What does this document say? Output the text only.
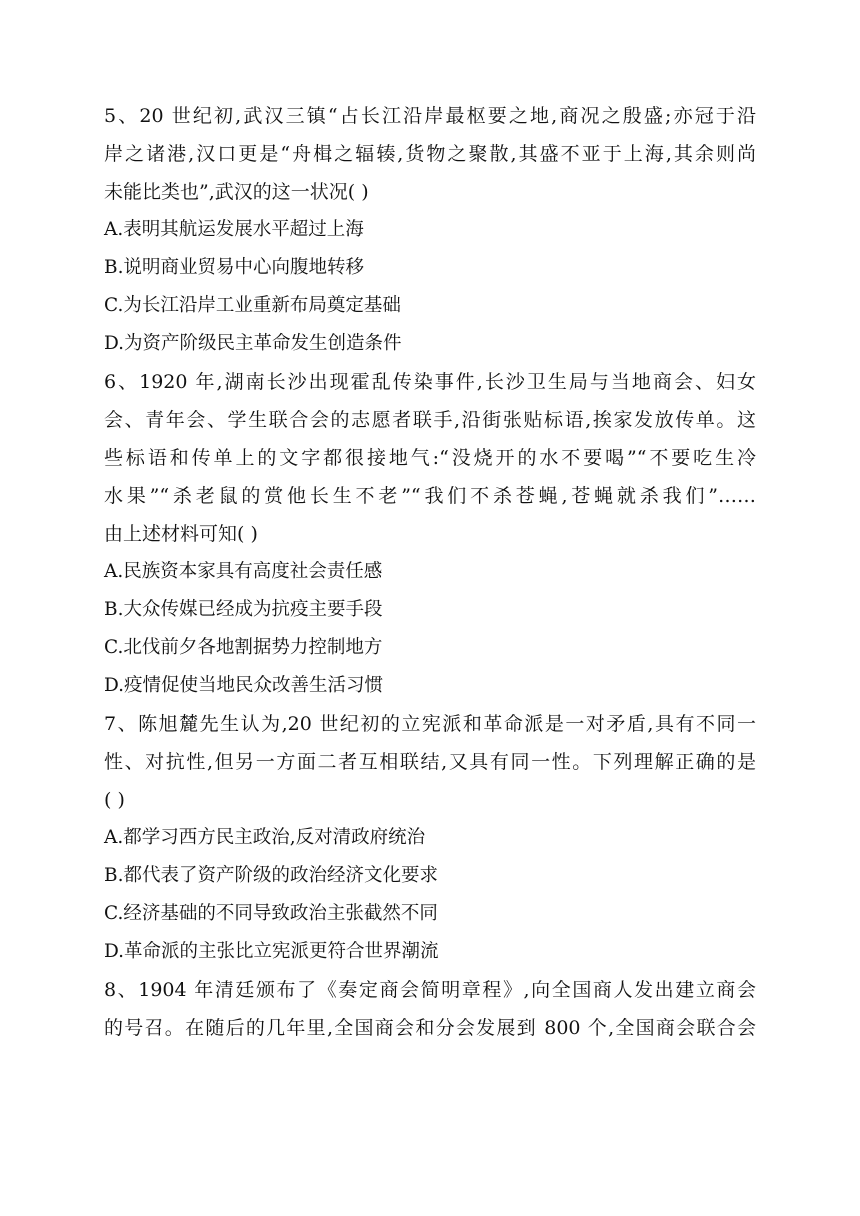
5、20 世纪初,武汉三镇“占长江沿岸最枢要之地,商况之殷盛;亦冠于沿
岸之诸港,汉口更是“舟楫之辐辏,货物之聚散,其盛不亚于上海,其余则尚
未能比类也”,武汉的这一状况( )
A.表明其航运发展水平超过上海
B.说明商业贸易中心向腹地转移
C.为长江沿岸工业重新布局奠定基础
D.为资产阶级民主革命发生创造条件
6、1920 年,湖南长沙出现霍乱传染事件,长沙卫生局与当地商会、妇女
会、青年会、学生联合会的志愿者联手,沿街张贴标语,挨家发放传单。这
些标语和传单上的文字都很接地气:“没烧开的水不要喝”“不要吃生冷
水果”“杀老鼠的赏他长生不老”“我们不杀苍蝇,苍蝇就杀我们”……
由上述材料可知( )
A.民族资本家具有高度社会责任感
B.大众传媒已经成为抗疫主要手段
C.北伐前夕各地割据势力控制地方
D.疫情促使当地民众改善生活习惯
7、陈旭麓先生认为,20 世纪初的立宪派和革命派是一对矛盾,具有不同一
性、对抗性,但另一方面二者互相联结,又具有同一性。下列理解正确的是
( )
A.都学习西方民主政治,反对清政府统治
B.都代表了资产阶级的政治经济文化要求
C.经济基础的不同导致政治主张截然不同
D.革命派的主张比立宪派更符合世界潮流
8、1904 年清廷颁布了《奏定商会简明章程》,向全国商人发出建立商会
的号召。在随后的几年里,全国商会和分会发展到 800 个,全国商会联合会
